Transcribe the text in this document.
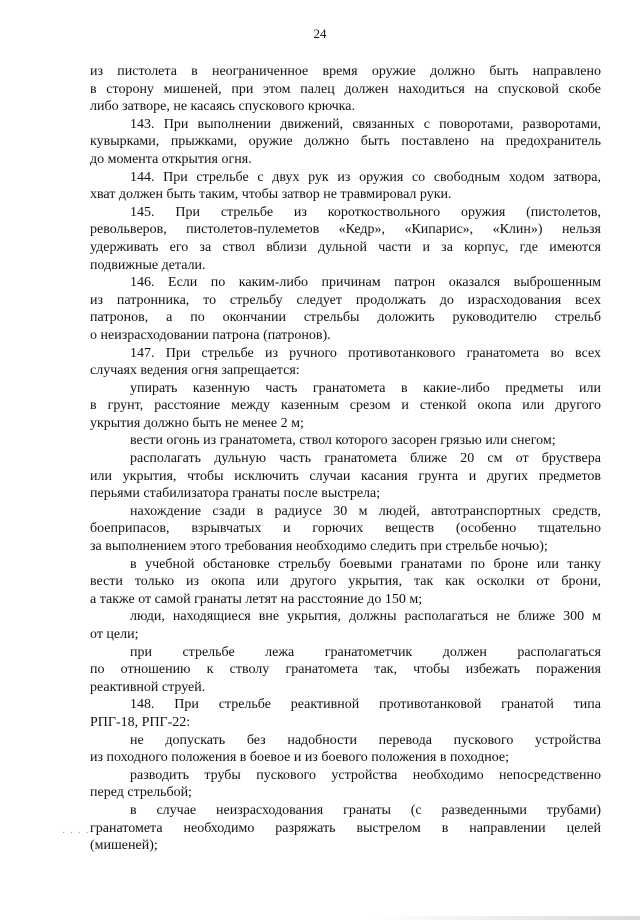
24
из пистолета в неограниченное время оружие должно быть направлено
в сторону мишеней, при этом палец должен находиться на спусковой скобе
либо затворе, не касаясь спускового крючка.
143. При выполнении движений, связанных с поворотами, разворотами,
кувырками, прыжками, оружие должно быть поставлено на предохранитель
до момента открытия огня.
144. При стрельбе с двух рук из оружия со свободным ходом затвора,
хват должен быть таким, чтобы затвор не травмировал руки.
145. При стрельбе из короткоствольного оружия (пистолетов,
револьверов, пистолетов-пулеметов «Кедр», «Кипарис», «Клин») нельзя
удерживать его за ствол вблизи дульной части и за корпус, где имеются
подвижные детали.
146. Если по каким-либо причинам патрон оказался выброшенным
из патронника, то стрельбу следует продолжать до израсходования всех
патронов, а по окончании стрельбы доложить руководителю стрельб
о неизрасходовании патрона (патронов).
147. При стрельбе из ручного противотанкового гранатомета во всех
случаях ведения огня запрещается:
упирать казенную часть гранатомета в какие-либо предметы или
в грунт, расстояние между казенным срезом и стенкой окопа или другого
укрытия должно быть не менее 2 м;
вести огонь из гранатомета, ствол которого засорен грязью или снегом;
располагать дульную часть гранатомета ближе 20 см от бруствера
или укрытия, чтобы исключить случаи касания грунта и других предметов
перьями стабилизатора гранаты после выстрела;
нахождение сзади в радиусе 30 м людей, автотранспортных средств,
боеприпасов, взрывчатых и горючих веществ (особенно тщательно
за выполнением этого требования необходимо следить при стрельбе ночью);
в учебной обстановке стрельбу боевыми гранатами по броне или танку
вести только из окопа или другого укрытия, так как осколки от брони,
а также от самой гранаты летят на расстояние до 150 м;
люди, находящиеся вне укрытия, должны располагаться не ближе 300 м
от цели;
при стрельбе лежа гранатометчик должен располагаться
по отношению к стволу гранатомета так, чтобы избежать поражения
реактивной струей.
148. При стрельбе реактивной противотанковой гранатой типа
РПГ-18, РПГ-22:
не допускать без надобности перевода пускового устройства
из походного положения в боевое и из боевого положения в походное;
разводить трубы пускового устройства необходимо непосредственно
перед стрельбой;
в случае неизрасходования гранаты (с разведенными трубами)
гранатомета необходимо разряжать выстрелом в направлении целей
(мишеней);
· · · ·
